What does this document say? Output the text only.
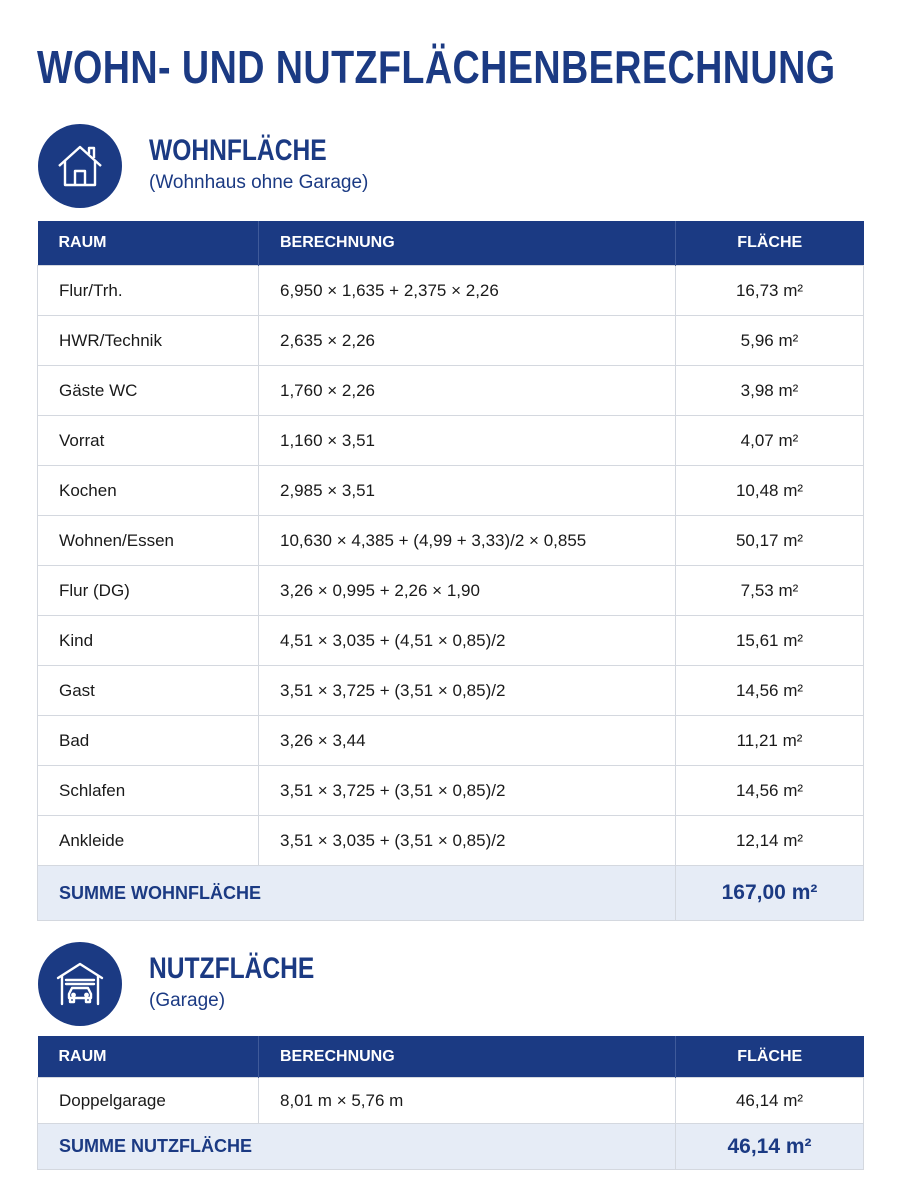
WOHN- UND NUTZFLÄCHENBERECHNUNG
WOHNFLÄCHE
(Wohnhaus ohne Garage)
RAUM	BERECHNUNG	FLÄCHE
Flur/Trh.	6,950 × 1,635 + 2,375 × 2,26	16,73 m²
HWR/Technik	2,635 × 2,26	5,96 m²
Gäste WC	1,760 × 2,26	3,98 m²
Vorrat	1,160 × 3,51	4,07 m²
Kochen	2,985 × 3,51	10,48 m²
Wohnen/Essen	10,630 × 4,385 + (4,99 + 3,33)/2 × 0,855	50,17 m²
Flur (DG)	3,26 × 0,995 + 2,26 × 1,90	7,53 m²
Kind	4,51 × 3,035 + (4,51 × 0,85)/2	15,61 m²
Gast	3,51 × 3,725 + (3,51 × 0,85)/2	14,56 m²
Bad	3,26 × 3,44	11,21 m²
Schlafen	3,51 × 3,725 + (3,51 × 0,85)/2	14,56 m²
Ankleide	3,51 × 3,035 + (3,51 × 0,85)/2	12,14 m²
SUMME WOHNFLÄCHE		167,00 m²
NUTZFLÄCHE
(Garage)
RAUM	BERECHNUNG	FLÄCHE
Doppelgarage	8,01 m × 5,76 m	46,14 m²
SUMME NUTZFLÄCHE		46,14 m²
